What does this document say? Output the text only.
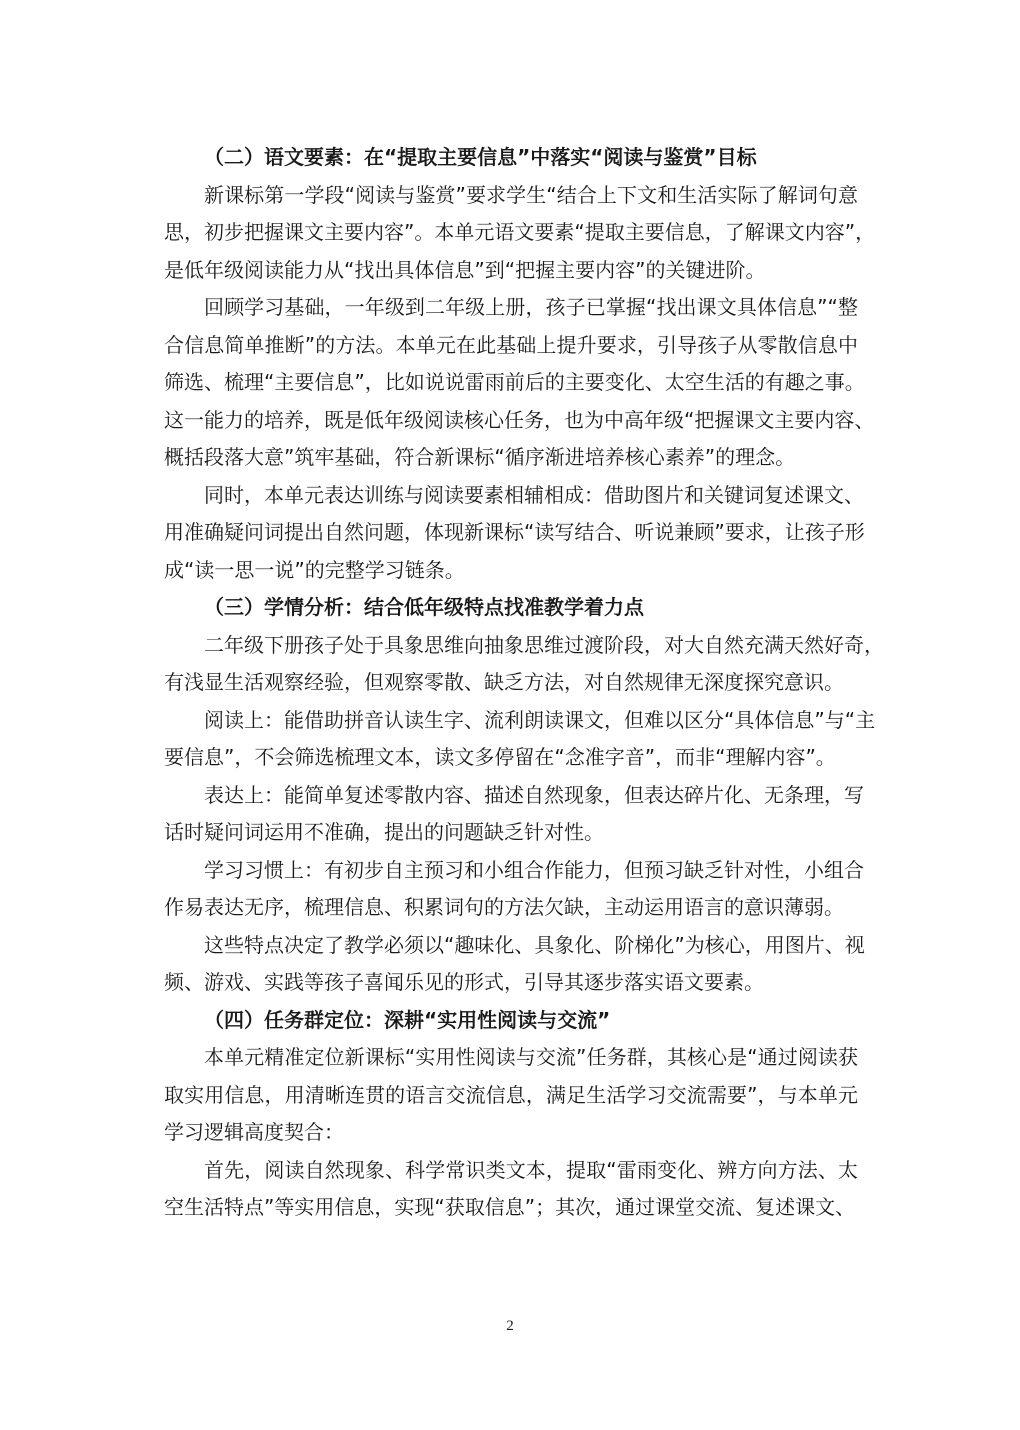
（二）语文要素：在“提取主要信息”中落实“阅读与鉴赏”目标
新课标第一学段“阅读与鉴赏”要求学生“结合上下文和生活实际了解词句意
思，初步把握课文主要内容”。本单元语文要素“提取主要信息，了解课文内容”，
是低年级阅读能力从“找出具体信息”到“把握主要内容”的关键进阶。
回顾学习基础，一年级到二年级上册，孩子已掌握“找出课文具体信息”“整
合信息简单推断”的方法。本单元在此基础上提升要求，引导孩子从零散信息中
筛选、梳理“主要信息”，比如说说雷雨前后的主要变化、太空生活的有趣之事。
这一能力的培养，既是低年级阅读核心任务，也为中高年级“把握课文主要内容、
概括段落大意”筑牢基础，符合新课标“循序渐进培养核心素养”的理念。
同时，本单元表达训练与阅读要素相辅相成：借助图片和关键词复述课文、
用准确疑问词提出自然问题，体现新课标“读写结合、听说兼顾”要求，让孩子形
成“读一思一说”的完整学习链条。
（三）学情分析：结合低年级特点找准教学着力点
二年级下册孩子处于具象思维向抽象思维过渡阶段，对大自然充满天然好奇，
有浅显生活观察经验，但观察零散、缺乏方法，对自然规律无深度探究意识。
阅读上：能借助拼音认读生字、流利朗读课文，但难以区分“具体信息”与“主
要信息”，不会筛选梳理文本，读文多停留在“念准字音”，而非“理解内容”。
表达上：能简单复述零散内容、描述自然现象，但表达碎片化、无条理，写
话时疑问词运用不准确，提出的问题缺乏针对性。
学习习惯上：有初步自主预习和小组合作能力，但预习缺乏针对性，小组合
作易表达无序，梳理信息、积累词句的方法欠缺，主动运用语言的意识薄弱。
这些特点决定了教学必须以“趣味化、具象化、阶梯化”为核心，用图片、视
频、游戏、实践等孩子喜闻乐见的形式，引导其逐步落实语文要素。
（四）任务群定位：深耕“实用性阅读与交流”
本单元精准定位新课标“实用性阅读与交流”任务群，其核心是“通过阅读获
取实用信息，用清晰连贯的语言交流信息，满足生活学习交流需要”，与本单元
学习逻辑高度契合：
首先，阅读自然现象、科学常识类文本，提取“雷雨变化、辨方向方法、太
空生活特点”等实用信息，实现“获取信息”；其次，通过课堂交流、复述课文、
2
